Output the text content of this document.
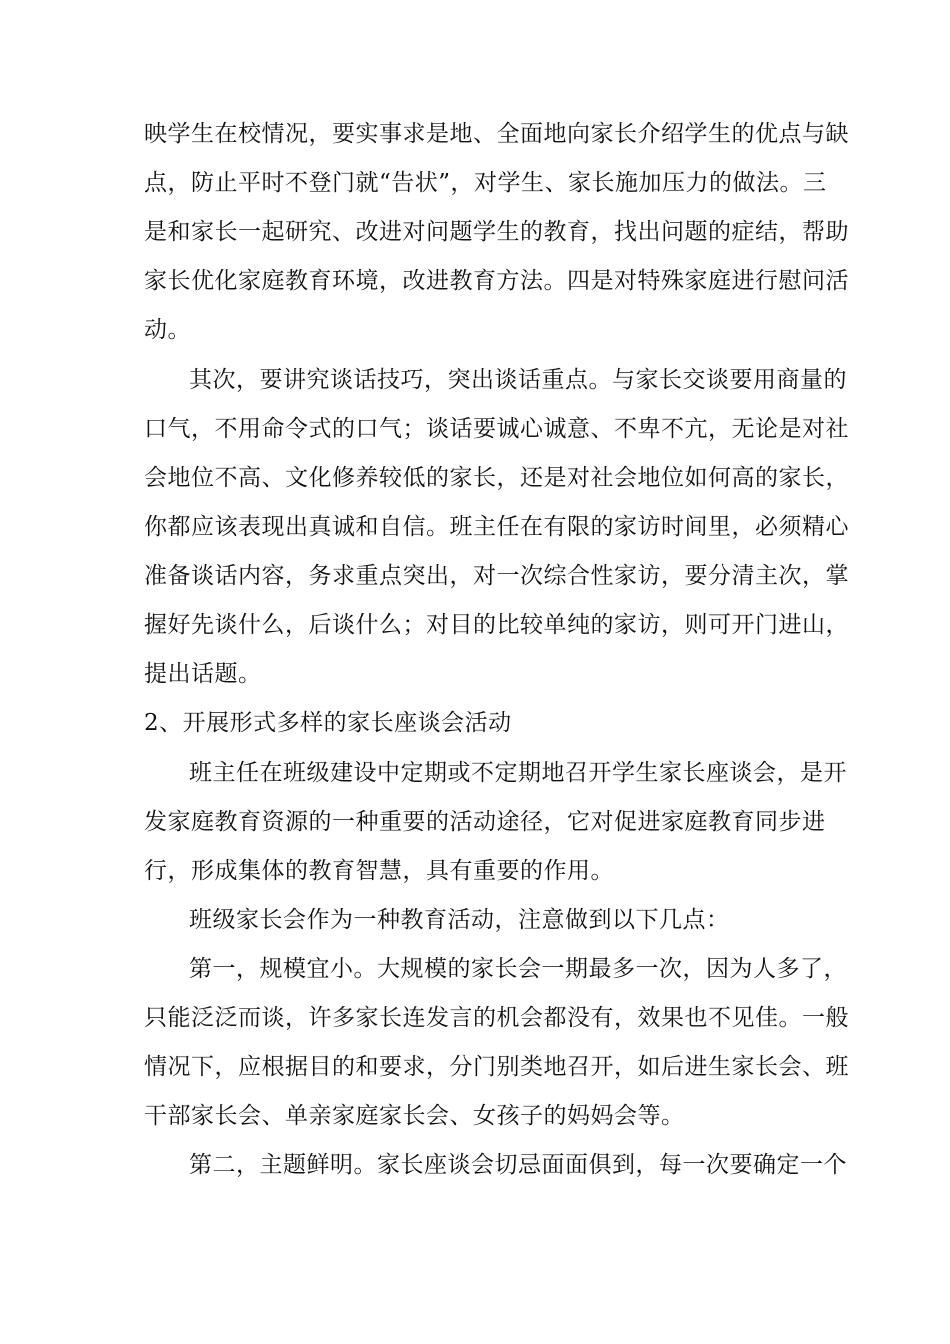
映学生在校情况，要实事求是地、全面地向家长介绍学生的优点与缺
点，防止平时不登门就“告状”，对学生、家长施加压力的做法。三
是和家长一起研究、改进对问题学生的教育，找出问题的症结，帮助
家长优化家庭教育环境，改进教育方法。四是对特殊家庭进行慰问活
动。
其次，要讲究谈话技巧，突出谈话重点。与家长交谈要用商量的
口气，不用命令式的口气；谈话要诚心诚意、不卑不亢，无论是对社
会地位不高、文化修养较低的家长，还是对社会地位如何高的家长，
你都应该表现出真诚和自信。班主任在有限的家访时间里，必须精心
准备谈话内容，务求重点突出，对一次综合性家访，要分清主次，掌
握好先谈什么，后谈什么；对目的比较单纯的家访，则可开门进山，
提出话题。
2、开展形式多样的家长座谈会活动
班主任在班级建设中定期或不定期地召开学生家长座谈会，是开
发家庭教育资源的一种重要的活动途径，它对促进家庭教育同步进
行，形成集体的教育智慧，具有重要的作用。
班级家长会作为一种教育活动，注意做到以下几点：
第一，规模宜小。大规模的家长会一期最多一次，因为人多了，
只能泛泛而谈，许多家长连发言的机会都没有，效果也不见佳。一般
情况下，应根据目的和要求，分门别类地召开，如后进生家长会、班
干部家长会、单亲家庭家长会、女孩子的妈妈会等。
第二，主题鲜明。家长座谈会切忌面面俱到，每一次要确定一个
